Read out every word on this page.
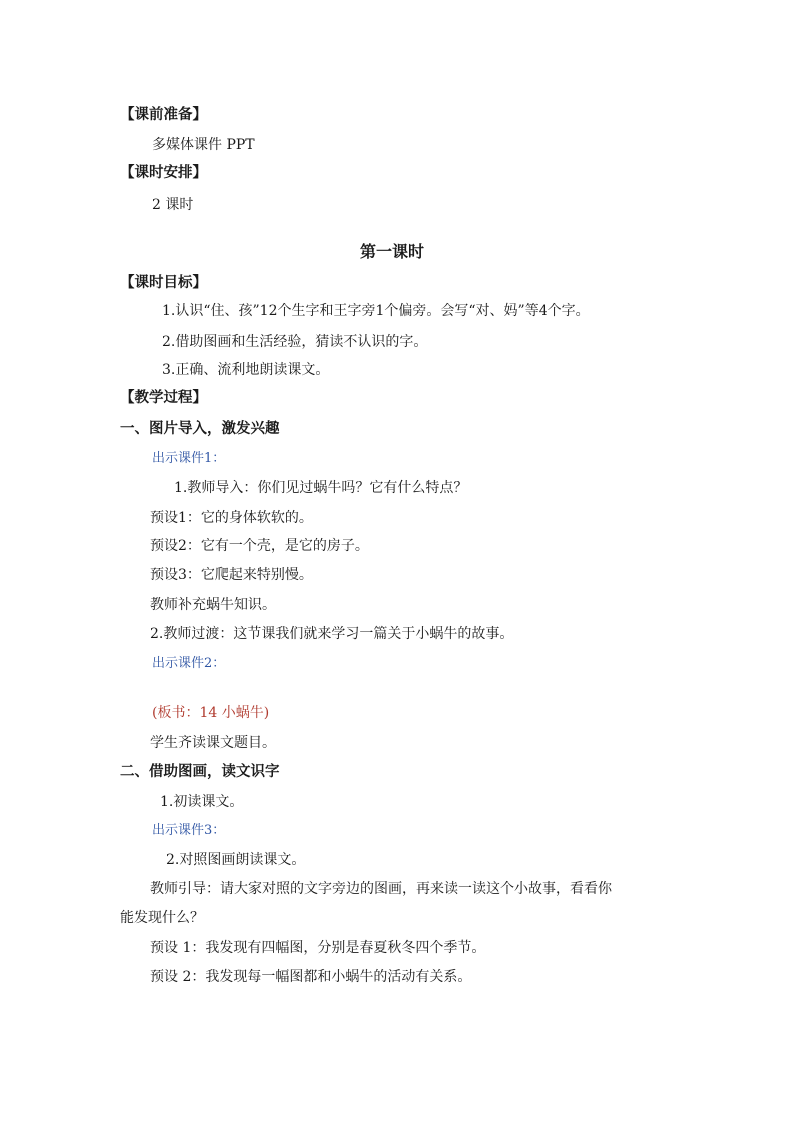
【课前准备】
多媒体课件 PPT
【课时安排】
2 课时
第一课时
【课时目标】
1.认识“住、孩”12个生字和王字旁1个偏旁。会写“对、妈”等4个字。
2.借助图画和生活经验，猜读不认识的字。
3.正确、流利地朗读课文。
【教学过程】
一、图片导入，激发兴趣
出示课件1：
1.教师导入：你们见过蜗牛吗？它有什么特点？
预设1：它的身体软软的。
预设2：它有一个壳，是它的房子。
预设3：它爬起来特别慢。
教师补充蜗牛知识。
2.教师过渡：这节课我们就来学习一篇关于小蜗牛的故事。
出示课件2：
(板书：14 小蜗牛)
学生齐读课文题目。
二、借助图画，读文识字
1.初读课文。
出示课件3：
2.对照图画朗读课文。
教师引导：请大家对照的文字旁边的图画，再来读一读这个小故事，看看你
能发现什么？
预设 1：我发现有四幅图，分别是春夏秋冬四个季节。
预设 2：我发现每一幅图都和小蜗牛的活动有关系。
